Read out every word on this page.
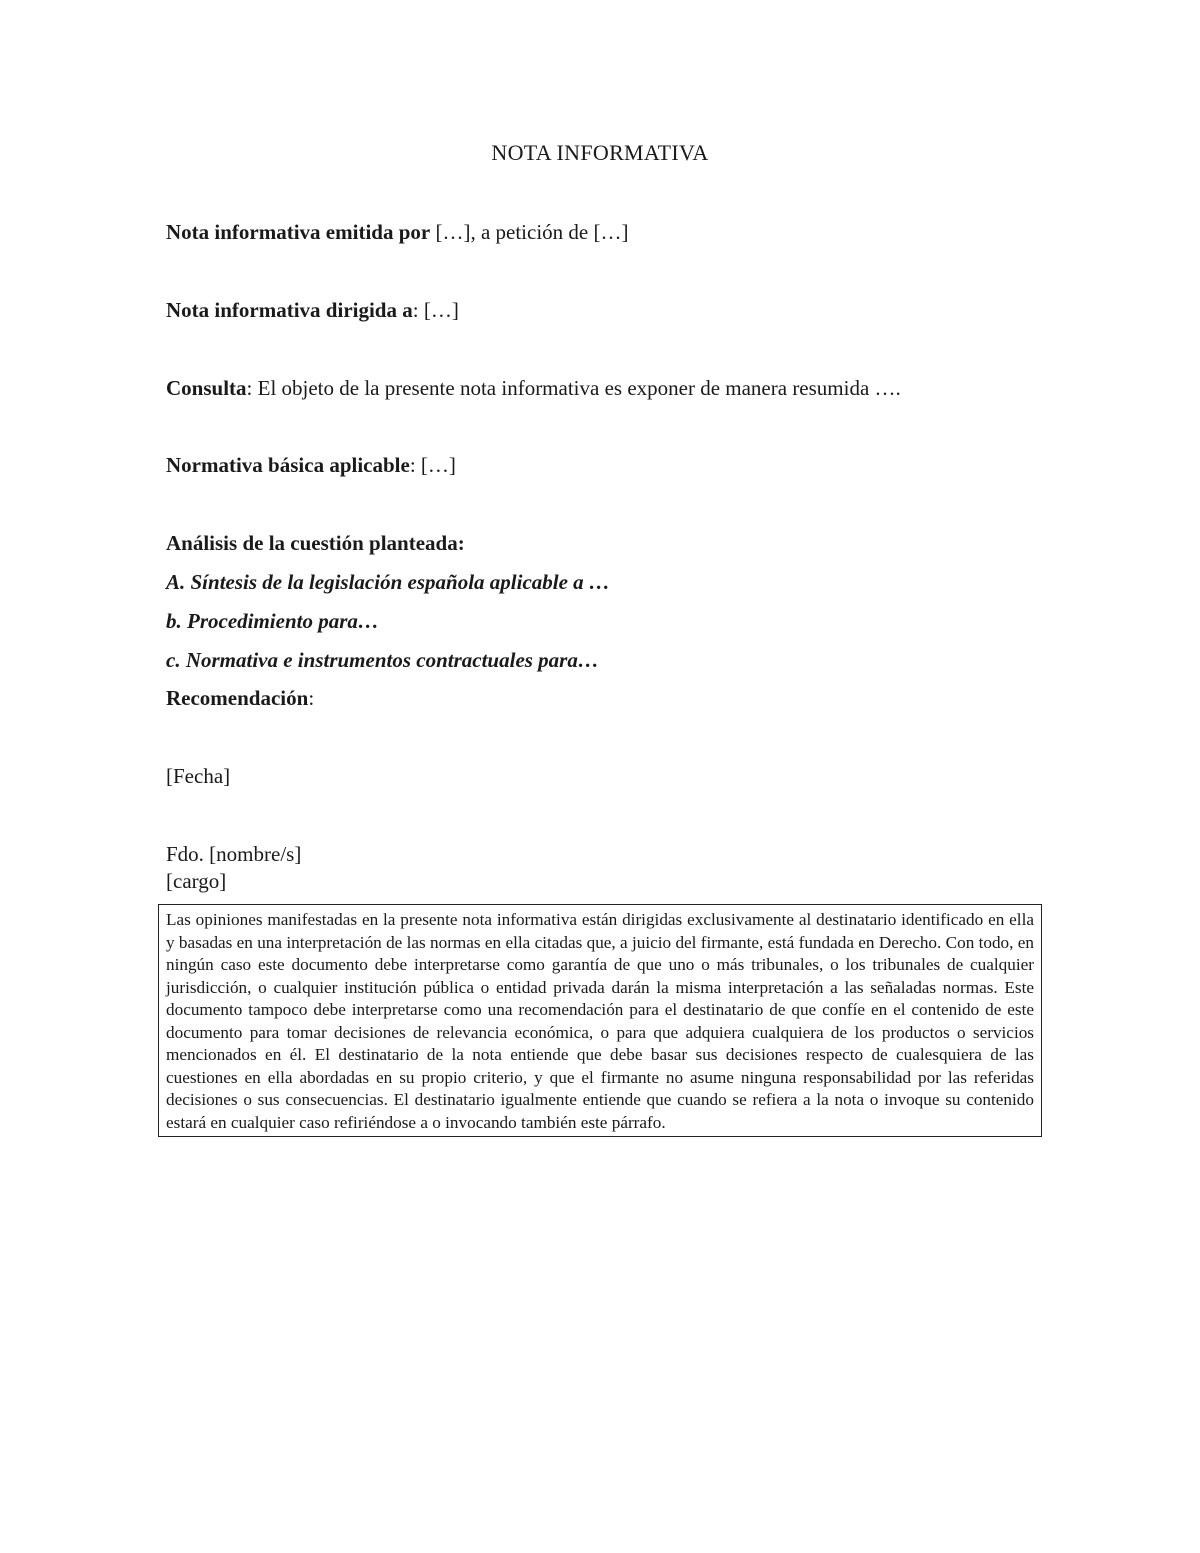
NOTA INFORMATIVA
Nota informativa emitida por […], a petición de […]
Nota informativa dirigida a: […]
Consulta: El objeto de la presente nota informativa es exponer de manera resumida ….
Normativa básica aplicable: […]
Análisis de la cuestión planteada:
A. Síntesis de la legislación española aplicable a …
b. Procedimiento para…
c. Normativa e instrumentos contractuales para…
Recomendación:
[Fecha]
Fdo. [nombre/s]
[cargo]
Las opiniones manifestadas en la presente nota informativa están dirigidas exclusivamente al destinatario identificado en ella y basadas en una interpretación de las normas en ella citadas que, a juicio del firmante, está fundada en Derecho. Con todo, en ningún caso este documento debe interpretarse como garantía de que uno o más tribunales, o los tribunales de cualquier jurisdicción, o cualquier institución pública o entidad privada darán la misma interpretación a las señaladas normas. Este documento tampoco debe interpretarse como una recomendación para el destinatario de que confíe en el contenido de este documento para tomar decisiones de relevancia económica, o para que adquiera cualquiera de los productos o servicios mencionados en él. El destinatario de la nota entiende que debe basar sus decisiones respecto de cualesquiera de las cuestiones en ella abordadas en su propio criterio, y que el firmante no asume ninguna responsabilidad por las referidas decisiones o sus consecuencias. El destinatario igualmente entiende que cuando se refiera a la nota o invoque su contenido estará en cualquier caso refiriéndose a o invocando también este párrafo.
